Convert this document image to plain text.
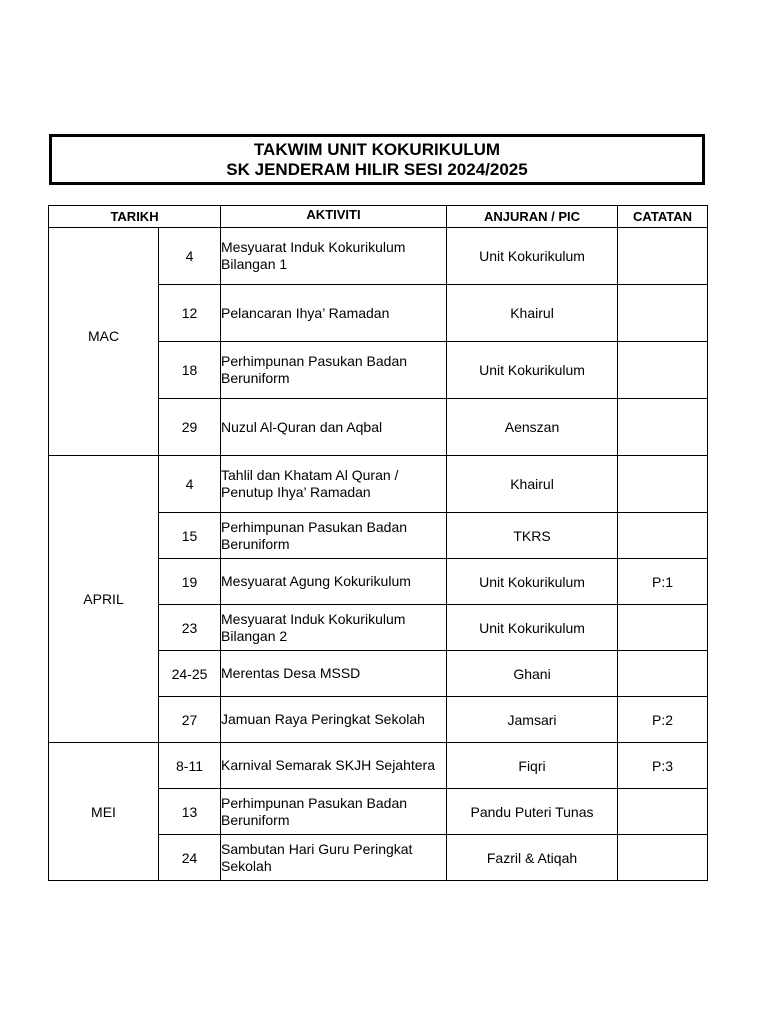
TAKWIM UNIT KOKURIKULUM
SK JENDERAM HILIR SESI 2024/2025
TARIKH		AKTIVITI	ANJURAN / PIC	CATATAN
MAC	4	Mesyuarat Induk Kokurikulum Bilangan 1	Unit Kokurikulum	
	12	Pelancaran Ihya’ Ramadan	Khairul	
	18	Perhimpunan Pasukan Badan Beruniform	Unit Kokurikulum	
	29	Nuzul Al-Quran dan Aqbal	Aenszan	
APRIL	4	Tahlil dan Khatam Al Quran / Penutup Ihya’ Ramadan	Khairul	
	15	Perhimpunan Pasukan Badan Beruniform	TKRS	
	19	Mesyuarat Agung Kokurikulum	Unit Kokurikulum	P:1
	23	Mesyuarat Induk Kokurikulum Bilangan 2	Unit Kokurikulum	
	24-25	Merentas Desa MSSD	Ghani	
	27	Jamuan Raya Peringkat Sekolah	Jamsari	P:2
MEI	8-11	Karnival Semarak SKJH Sejahtera	Fiqri	P:3
	13	Perhimpunan Pasukan Badan Beruniform	Pandu Puteri Tunas	
	24	Sambutan Hari Guru Peringkat Sekolah	Fazril & Atiqah	
